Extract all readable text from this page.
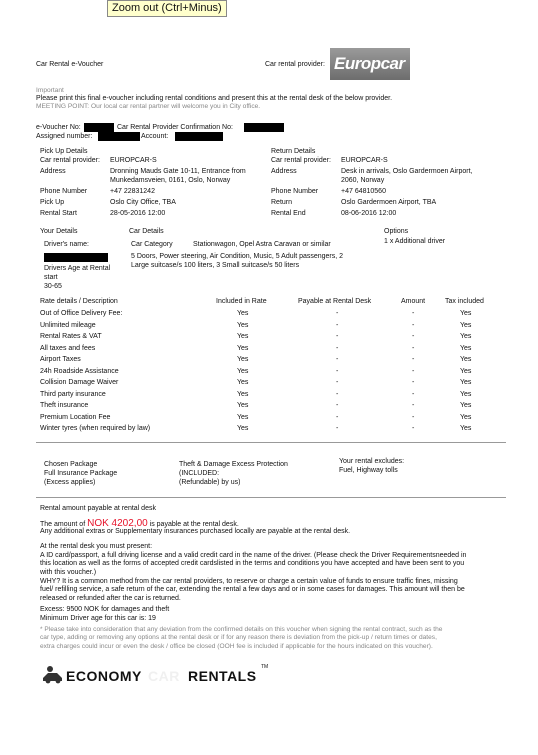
Zoom out (Ctrl+Minus)
Car Rental e-Voucher	Car rental provider: Europcar
Important
Please print this final e-voucher including rental conditions and present this at the rental desk of the below provider.
MEETING POINT: Our local car rental partner will welcome you in City office.
e-Voucher No:	Car Rental Provider Confirmation No:
Assigned number:	Account:
Pick Up Details	Return Details
Car rental provider: EUROPCAR-S
Address	Dronning Mauds Gate 10-11, Entrance from
Munkedamsveien, 0161, Oslo, Norway
Phone Number	+47 22831242
Pick Up	Oslo City Office, TBA
Rental Start	28-05-2016 12:00
Car rental provider: EUROPCAR-S
Address	Desk in arrivals, Oslo Gardermoen Airport,
2060, Norway
Phone Number	+47 64810560
Return	Oslo Gardermoen Airport, TBA
Rental End	08-06-2016 12:00
Your Details	Car Details	Options
Driver's name:
Drivers Age at Rental
start
30-65
Car Category	Stationwagon, Opel Astra Caravan or similar
5 Doors, Power steering, Air Condition, Music, 5 Adult passengers, 2
Large suitcase/s 100 liters, 3 Small suitcase/s 50 liters
1 x Additional driver
Rate details / Description	Included in Rate	Payable at Rental Desk	Amount	Tax included
Out of Office Delivery Fee:	Yes	-	-	Yes
Unlimited mileage	Yes	-	-	Yes
Rental Rates & VAT	Yes	-	-	Yes
All taxes and fees	Yes	-	-	Yes
Airport Taxes	Yes	-	-	Yes
24h Roadside Assistance	Yes	-	-	Yes
Collision Damage Waiver	Yes	-	-	Yes
Third party insurance	Yes	-	-	Yes
Theft insurance	Yes	-	-	Yes
Premium Location Fee	Yes	-	-	Yes
Winter tyres (when required by law)	Yes	-	-	Yes
Chosen Package
Full Insurance Package
(Excess applies)
Theft & Damage Excess Protection
(INCLUDED:
(Refundable) by us)
Your rental excludes:
Fuel, Highway tolls
Rental amount payable at rental desk
The amount of NOK 4202,00 is payable at the rental desk.
Any additional extras or Supplementary insurances purchased locally are payable at the rental desk.
At the rental desk you must present:
A ID card/passport, a full driving license and a valid credit card in the name of the driver. (Please check the Driver Requirementsneeded in
this location as well as the forms of accepted credit cardslisted in the terms and conditions you have accepted and have been sent to you
with this voucher.)
WHY? It is a common method from the car rental providers, to reserve or charge a certain value of funds to ensure traffic fines, missing
fuel/ refilling service, a safe return of the car, extending the rental a few days and or in some cases for damages. This amount will then be
released or refunded after the car is returned.
Excess: 9500 NOK for damages and theft
Minimum Driver age for this car is: 19
* Please take into consideration that any deviation from the confirmed details on this voucher when signing the rental contract, such as the
car type, adding or removing any options at the rental desk or if for any reason there is deviation from the pick-up / return times or dates,
extra charges could incur or even the desk / office be closed (OOH fee is included if applicable for the hours indicated on this voucher).
ECONOMY CAR RENTALS
TM
